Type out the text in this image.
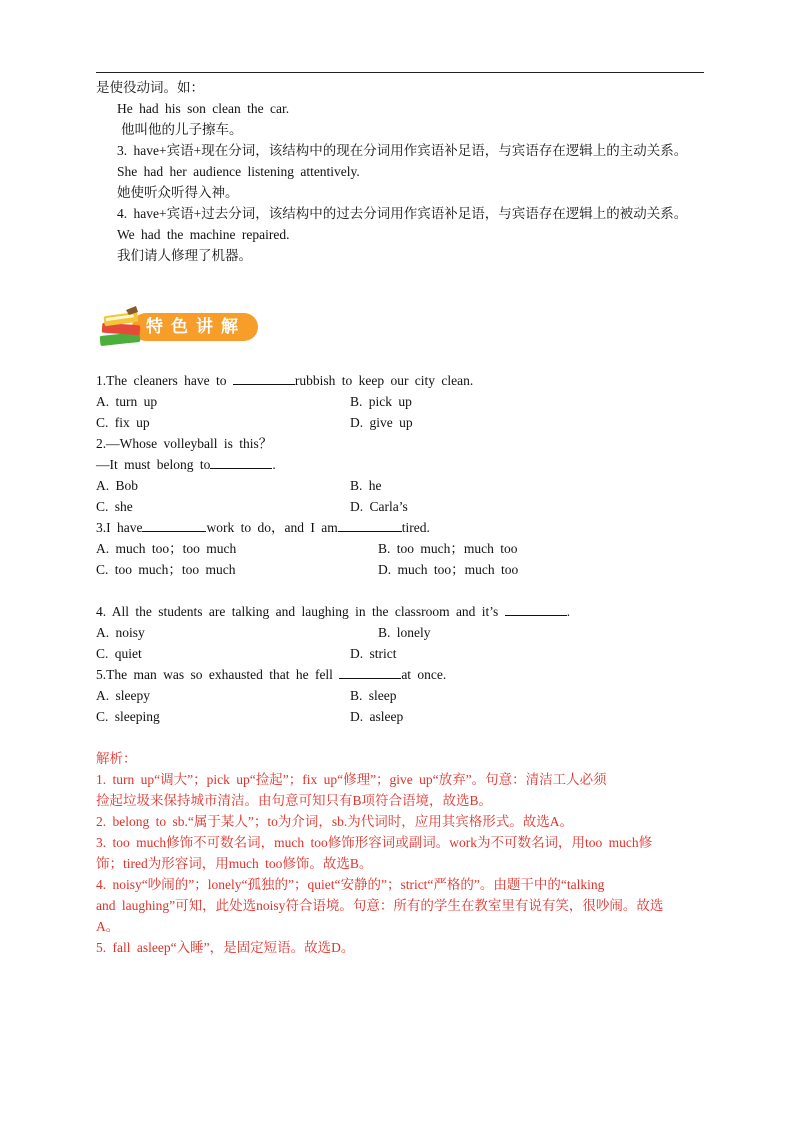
是使役动词。如：
He had his son clean the car.
他叫他的儿子擦车。
3. have+宾语+现在分词，该结构中的现在分词用作宾语补足语，与宾语存在逻辑上的主动关系。
She had her audience listening attentively.
她使听众听得入神。
4. have+宾语+过去分词，该结构中的过去分词用作宾语补足语，与宾语存在逻辑上的被动关系。
We had the machine repaired.
我们请人修理了机器。
特色讲解
1.The cleaners have to	rubbish to keep our city clean.
A. turn up	B. pick up
C. fix up	D. give up
2.—Whose volleyball is this？
—It must belong to	.
A. Bob	B. he
C. she	D. Carla’s
3.I have	work to do，and I am	tired.
A. much too；too much	B. too much；much too
C. too much；too much	D. much too；much too
4. All the students are talking and laughing in the classroom and it’s	.
A. noisy	B. lonely
C. quiet	D. strict
5.The man was so exhausted that he fell	at once.
A. sleepy	B. sleep
C. sleeping	D. asleep
解析：
1. turn up“调大”；pick up“捡起”；fix up“修理”；give up“放弃”。句意：清洁工人必须
捡起垃圾来保持城市清洁。由句意可知只有B项符合语境，故选B。
2. belong to sb.“属于某人”；to为介词，sb.为代词时，应用其宾格形式。故选A。
3. too much修饰不可数名词，much too修饰形容词或副词。work为不可数名词，用too much修
饰；tired为形容词，用much too修饰。故选B。
4. noisy“吵闹的”；lonely“孤独的”；quiet“安静的”；strict“严格的”。由题干中的“talking
and laughing”可知，此处选noisy符合语境。句意：所有的学生在教室里有说有笑，很吵闹。故选
A。
5. fall asleep“入睡”，是固定短语。故选D。
